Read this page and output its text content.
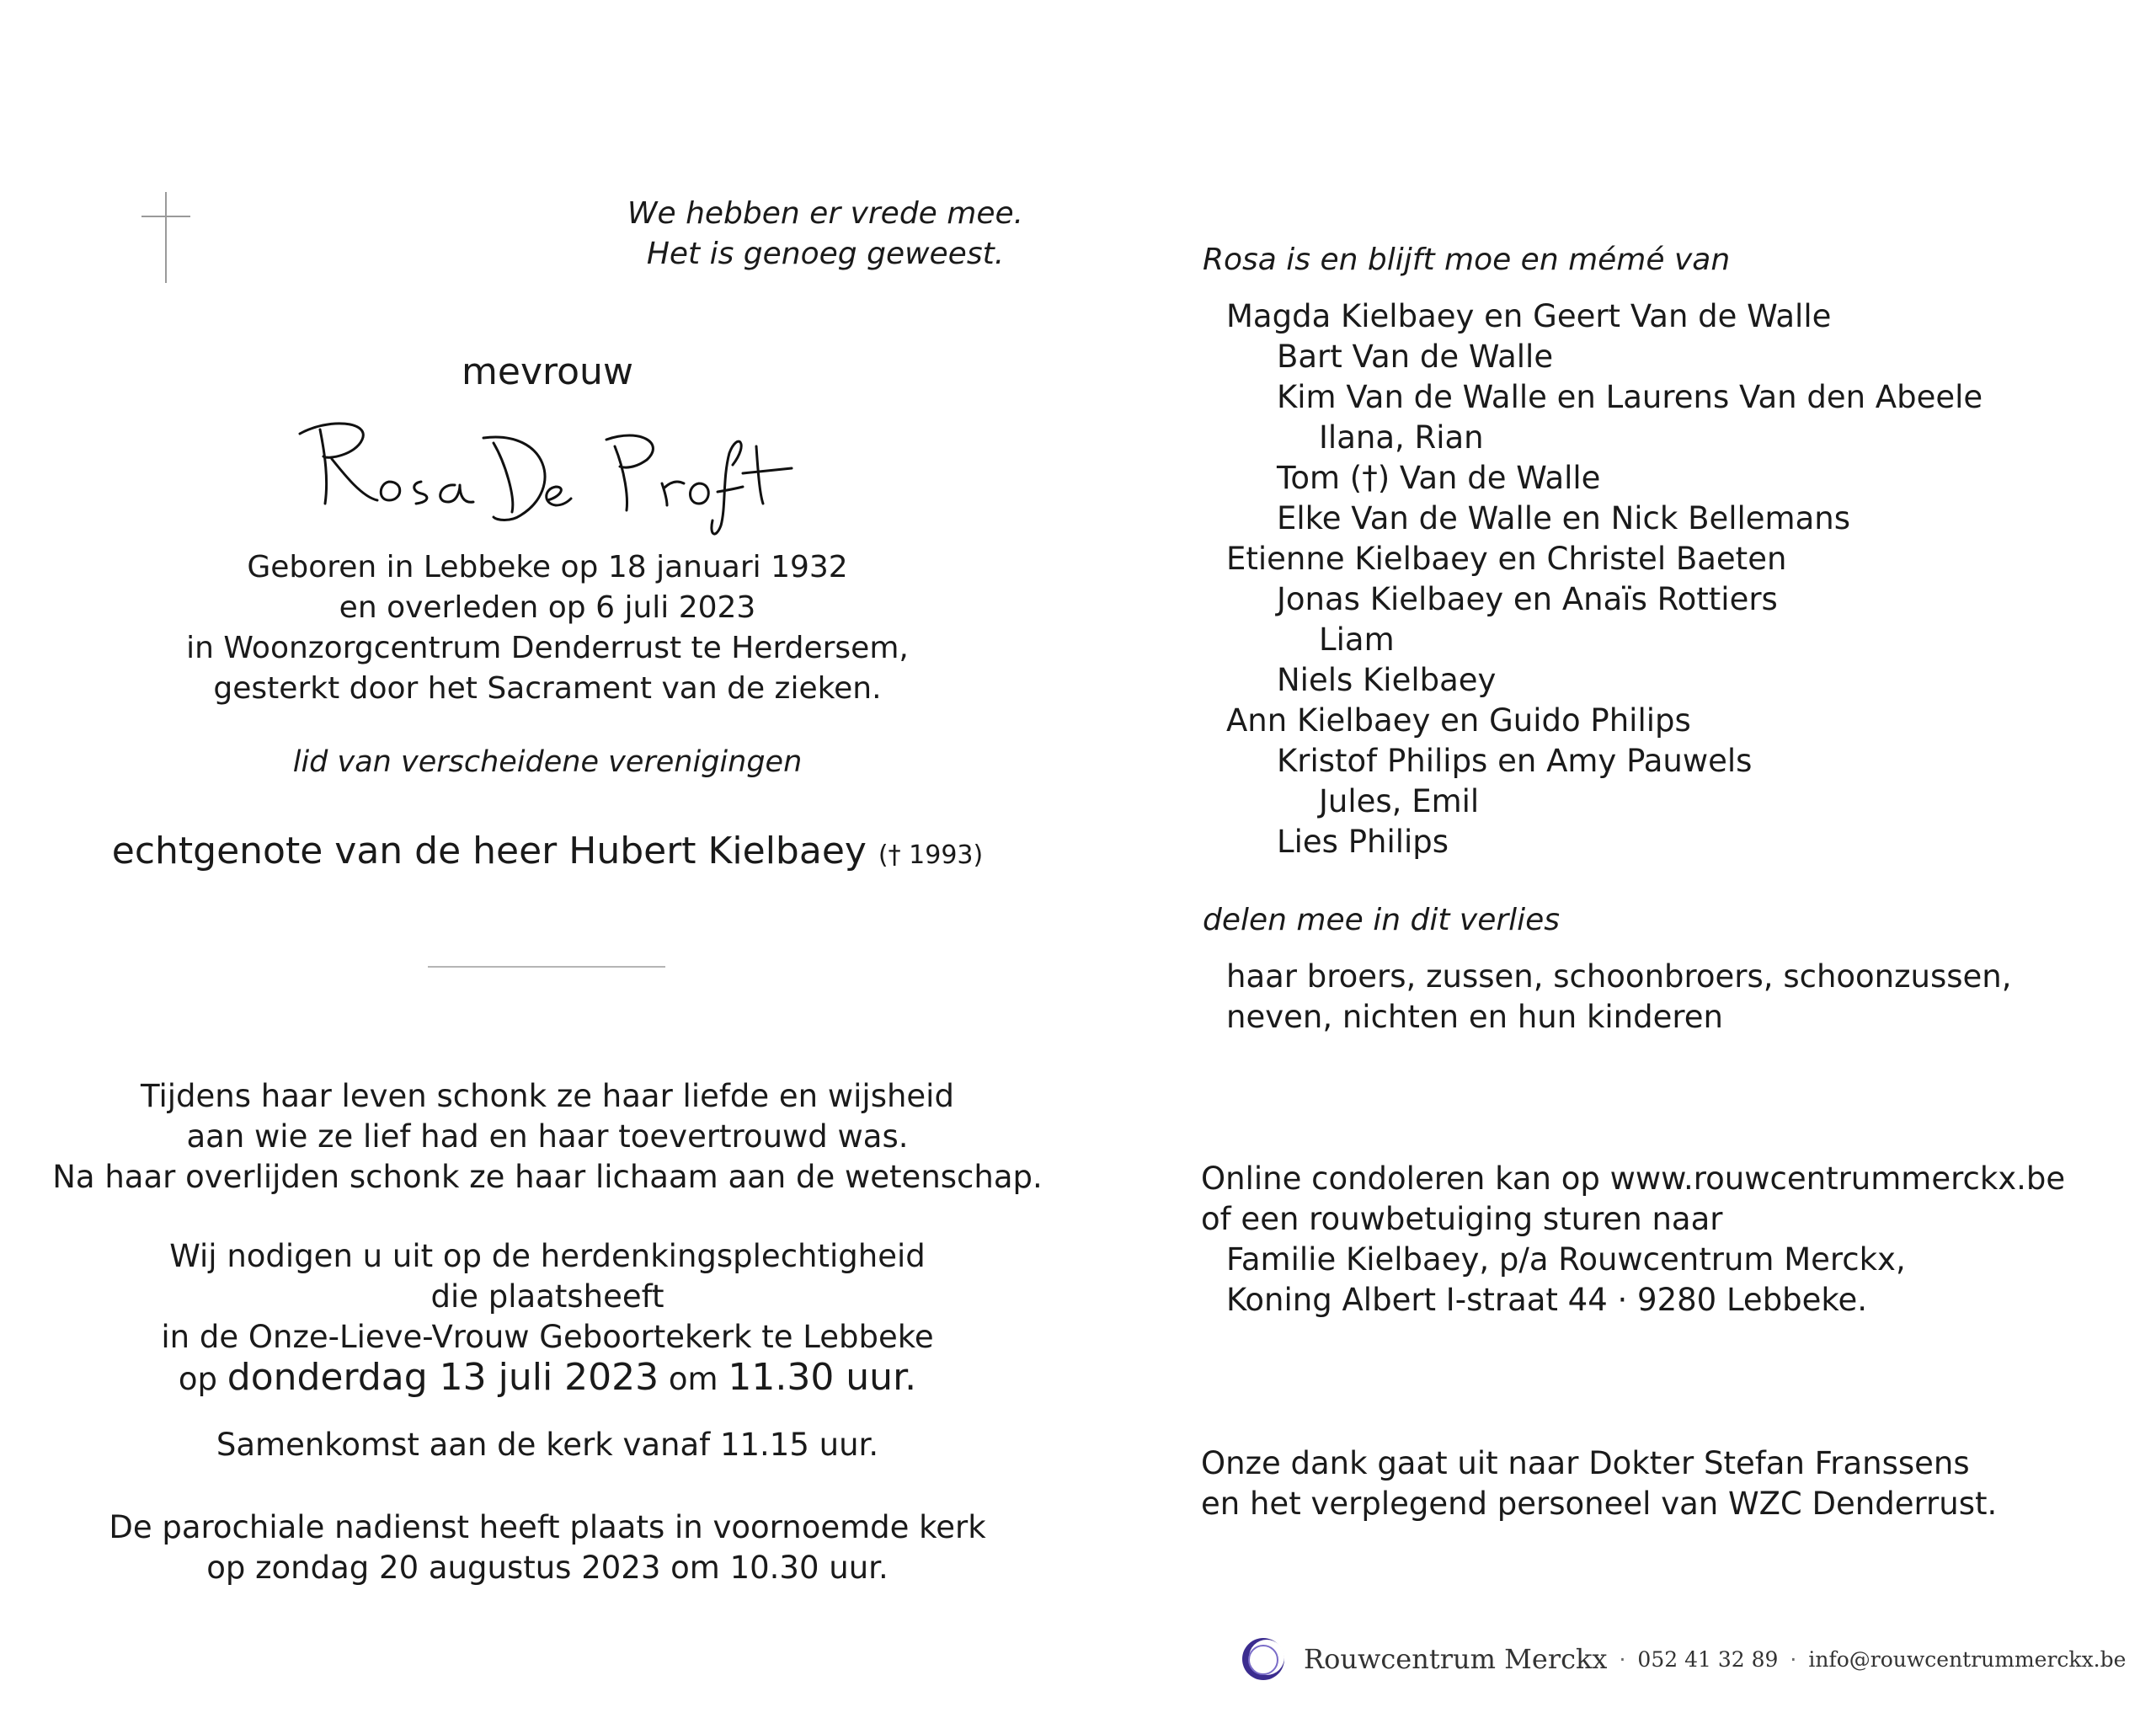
We hebben er vrede mee.
Het is genoeg geweest.
mevrouw
Rosa De Proft
Geboren in Lebbeke op 18 januari 1932
en overleden op 6 juli 2023
in Woonzorgcentrum Denderrust te Herdersem,
gesterkt door het Sacrament van de zieken.
lid van verscheidene verenigingen
echtgenote van de heer Hubert Kielbaey († 1993)
Tijdens haar leven schonk ze haar liefde en wijsheid
aan wie ze lief had en haar toevertrouwd was.
Na haar overlijden schonk ze haar lichaam aan de wetenschap.
Wij nodigen u uit op de herdenkingsplechtigheid
die plaatsheeft
in de Onze-Lieve-Vrouw Geboortekerk te Lebbeke
op donderdag 13 juli 2023 om 11.30 uur.
Samenkomst aan de kerk vanaf 11.15 uur.
De parochiale nadienst heeft plaats in voornoemde kerk
op zondag 20 augustus 2023 om 10.30 uur.
Rosa is en blijft moe en mémé van
Magda Kielbaey en Geert Van de Walle
Bart Van de Walle
Kim Van de Walle en Laurens Van den Abeele
Ilana, Rian
Tom (†) Van de Walle
Elke Van de Walle en Nick Bellemans
Etienne Kielbaey en Christel Baeten
Jonas Kielbaey en Anaïs Rottiers
Liam
Niels Kielbaey
Ann Kielbaey en Guido Philips
Kristof Philips en Amy Pauwels
Jules, Emil
Lies Philips
delen mee in dit verlies
haar broers, zussen, schoonbroers, schoonzussen,
neven, nichten en hun kinderen
Online condoleren kan op www.rouwcentrummerckx.be
of een rouwbetuiging sturen naar
Familie Kielbaey, p/a Rouwcentrum Merckx,
Koning Albert I-straat 44 · 9280 Lebbeke.
Onze dank gaat uit naar Dokter Stefan Franssens
en het verplegend personeel van WZC Denderrust.
Rouwcentrum Merckx · 052 41 32 89 · info@rouwcentrummerckx.be
